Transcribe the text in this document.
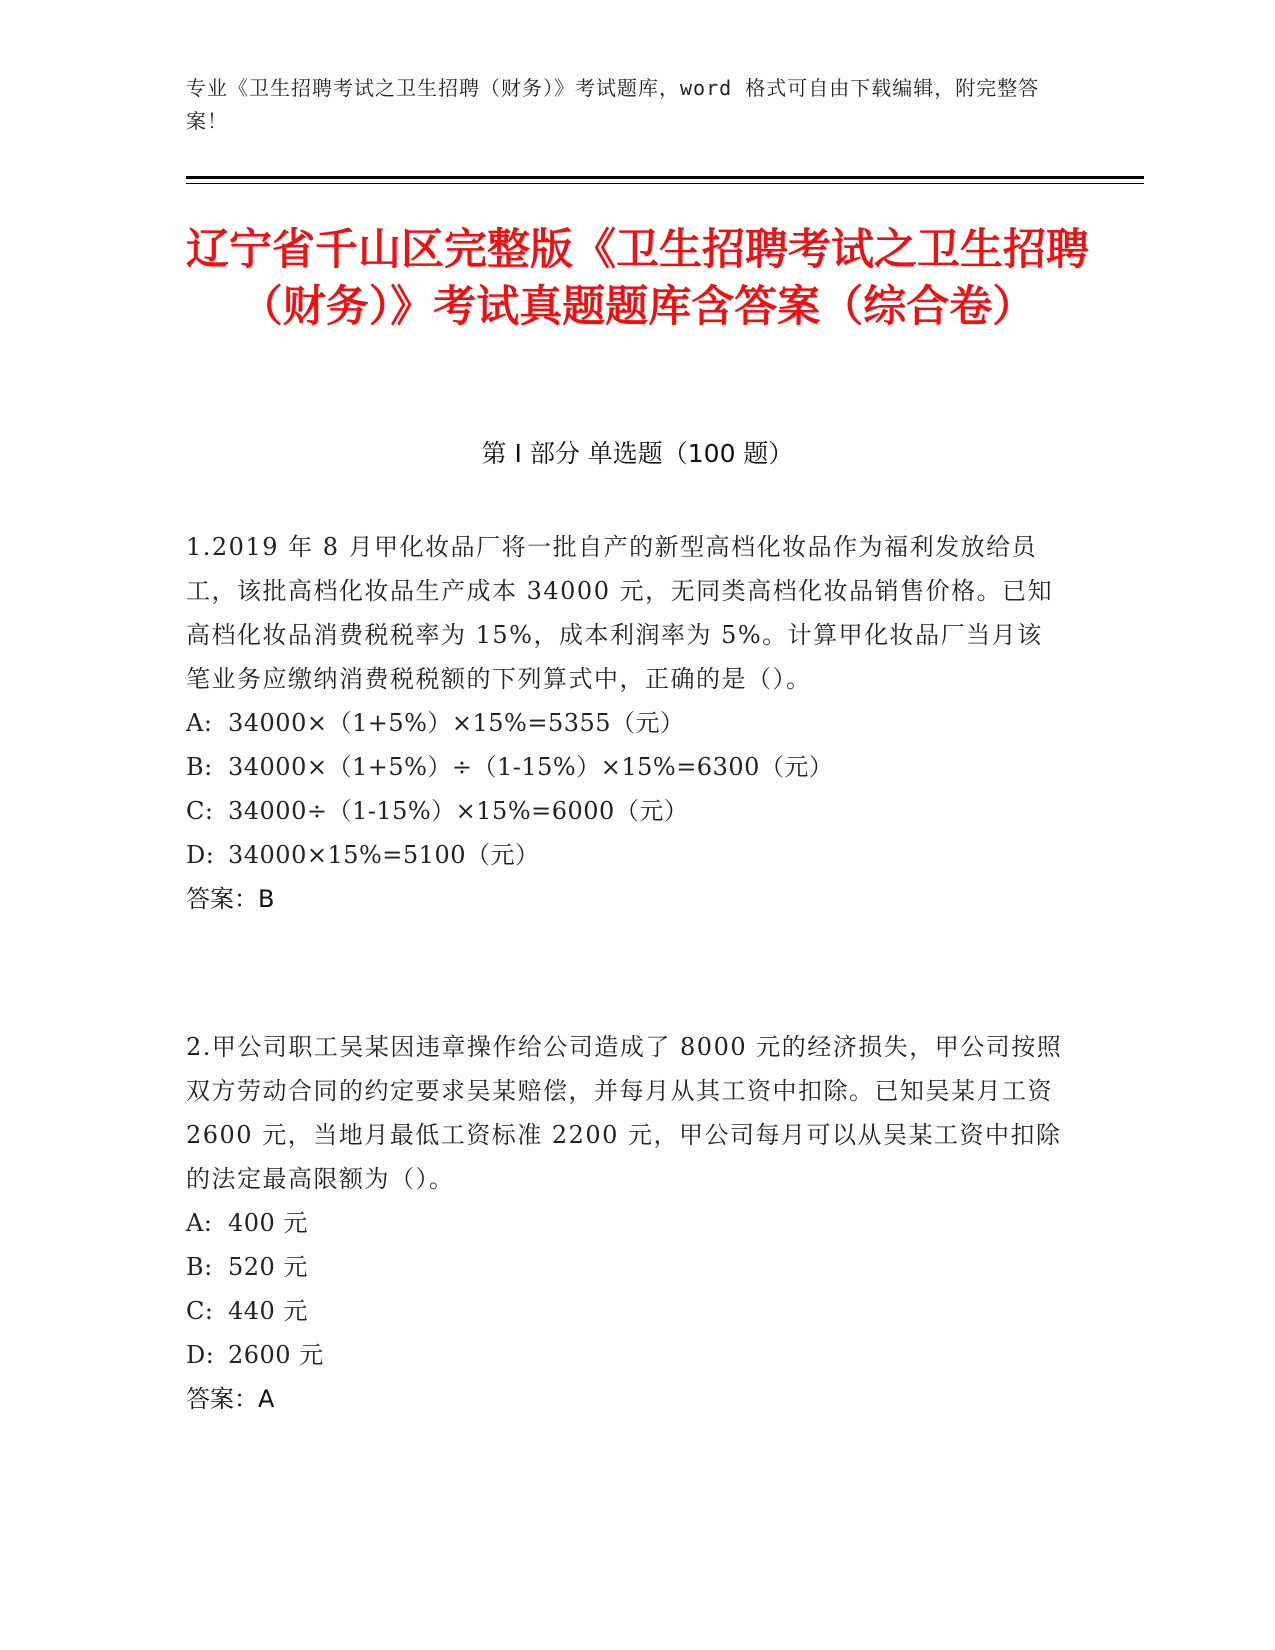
专业《卫生招聘考试之卫生招聘（财务）》考试题库，word 格式可自由下载编辑，附完整答案！
辽宁省千山区完整版《卫生招聘考试之卫生招聘（财务）》考试真题题库含答案（综合卷）
第 I 部分 单选题（100 题）

1.2019 年 8 月甲化妆品厂将一批自产的新型高档化妆品作为福利发放给员工，该批高档化妆品生产成本 34000 元，无同类高档化妆品销售价格。已知高档化妆品消费税税率为 15%，成本利润率为 5%。计算甲化妆品厂当月该笔业务应缴纳消费税税额的下列算式中，正确的是（）。

A: 34000×（1+5%）×15%=5355（元）
B: 34000×（1+5%）÷（1-15%）×15%=6300（元）
C: 34000÷（1-15%）×15%=6000（元）
D: 34000×15%=5100（元）
答案：B

2.甲公司职工吴某因违章操作给公司造成了 8000 元的经济损失，甲公司按照双方劳动合同的约定要求吴某赔偿，并每月从其工资中扣除。已知吴某月工资 2600 元，当地月最低工资标准 2200 元，甲公司每月可以从吴某工资中扣除的法定最高限额为（）。

A: 400 元
B: 520 元
C: 440 元
D: 2600 元
答案：A
